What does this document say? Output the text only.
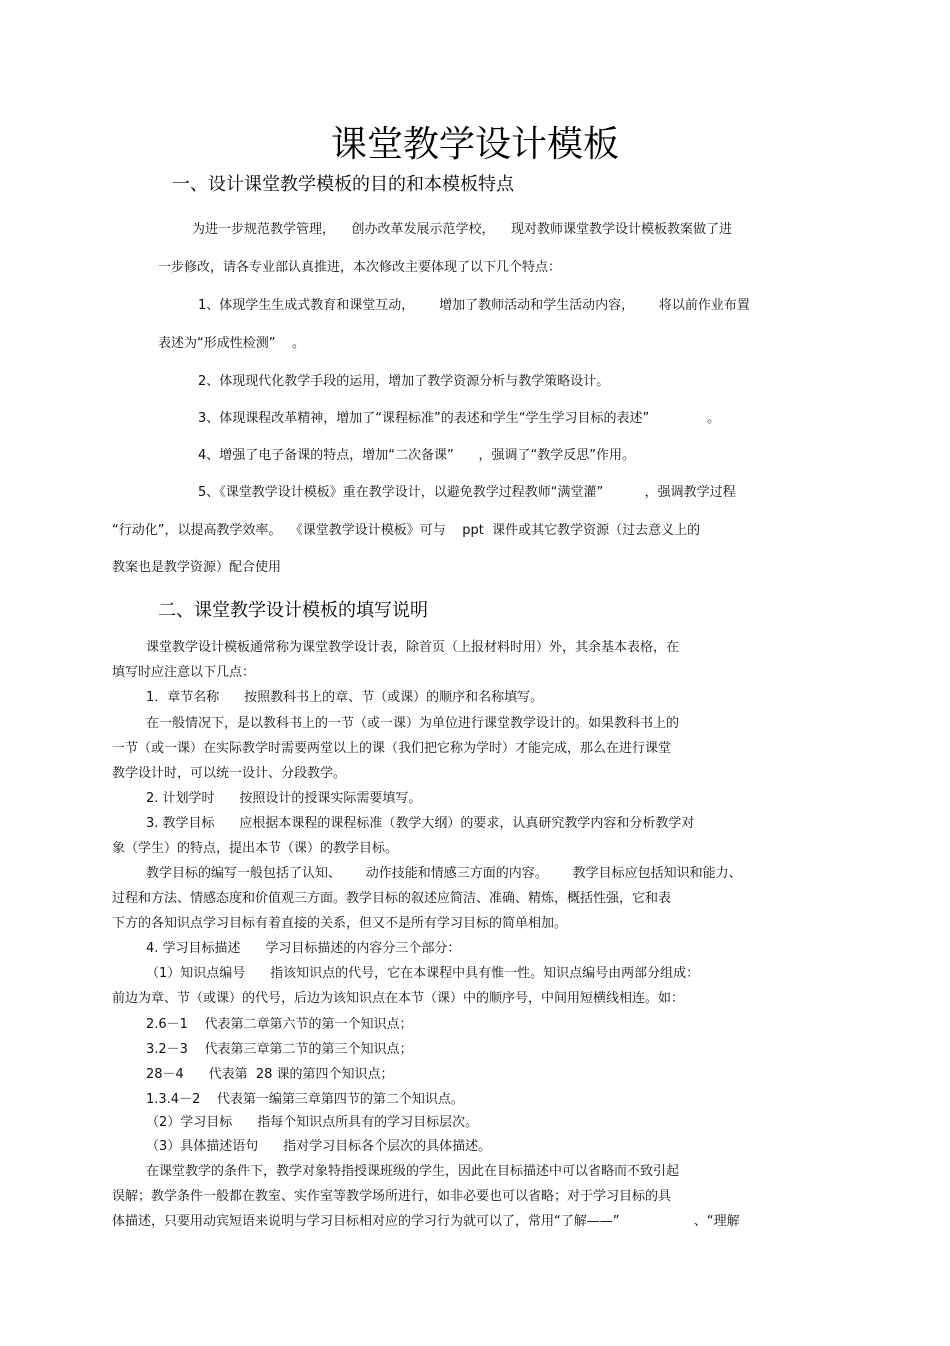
课堂教学设计模板
一、设计课堂教学模板的目的和本模板特点
为进一步规范教学管理，    创办改革发展示范学校，    现对教师课堂教学设计模板教案做了进
一步修改，请各专业部认真推进，本次修改主要体现了以下几个特点：
1、体现学生生成式教育和课堂互动，      增加了教师活动和学生活动内容，      将以前作业布置
表述为“形成性检测”    。
2、体现现代化教学手段的运用，增加了教学资源分析与教学策略设计。
3、体现课程改革精神，增加了“课程标准”的表述和学生“学生学习目标的表述”              。
4、增强了电子备课的特点，增加“二次备课”      ，强调了“教学反思”作用。
5、《课堂教学设计模板》重在教学设计，以避免教学过程教师“满堂灌”          ，强调教学过程
“行动化”，以提高教学效率。  《课堂教学设计模板》可与    ppt  课件或其它教学资源（过去意义上的
教案也是教学资源）配合使用
二、课堂教学设计模板的填写说明
课堂教学设计模板通常称为课堂教学设计表，除首页（上报材料时用）外，其余基本表格，在
填写时应注意以下几点：
1．章节名称      按照教科书上的章、节（或课）的顺序和名称填写。
在一般情况下，是以教科书上的一节（或一课）为单位进行课堂教学设计的。如果教科书上的
一节（或一课）在实际教学时需要两堂以上的课（我们把它称为学时）才能完成，那么在进行课堂
教学设计时，可以统一设计、分段教学。
2. 计划学时      按照设计的授课实际需要填写。
3. 教学目标      应根据本课程的课程标准（教学大纲）的要求，认真研究教学内容和分析教学对
象（学生）的特点，提出本节（课）的教学目标。
教学目标的编写一般包括了认知、      动作技能和情感三方面的内容。      教学目标应包括知识和能力、
过程和方法、情感态度和价值观三方面。教学目标的叙述应简洁、准确、精炼，概括性强，它和表
下方的各知识点学习目标有着直接的关系，但又不是所有学习目标的简单相加。
4. 学习目标描述      学习目标描述的内容分三个部分：
（1）知识点编号      指该知识点的代号，它在本课程中具有惟一性。知识点编号由两部分组成：
前边为章、节（或课）的代号，后边为该知识点在本节（课）中的顺序号，中间用短横线相连。如：
2.6－1    代表第二章第六节的第一个知识点；
3.2－3    代表第三章第二节的第三个知识点；
28－4      代表第  28 课的第四个知识点；
1.3.4－2    代表第一编第三章第四节的第二个知识点。
（2）学习目标      指每个知识点所具有的学习目标层次。
（3）具体描述语句      指对学习目标各个层次的具体描述。
在课堂教学的条件下，教学对象特指授课班级的学生，因此在目标描述中可以省略而不致引起
误解；教学条件一般都在教室、实作室等教学场所进行，如非必要也可以省略；对于学习目标的具
体描述，只要用动宾短语来说明与学习目标相对应的学习行为就可以了，常用“了解——”                  、“理解
